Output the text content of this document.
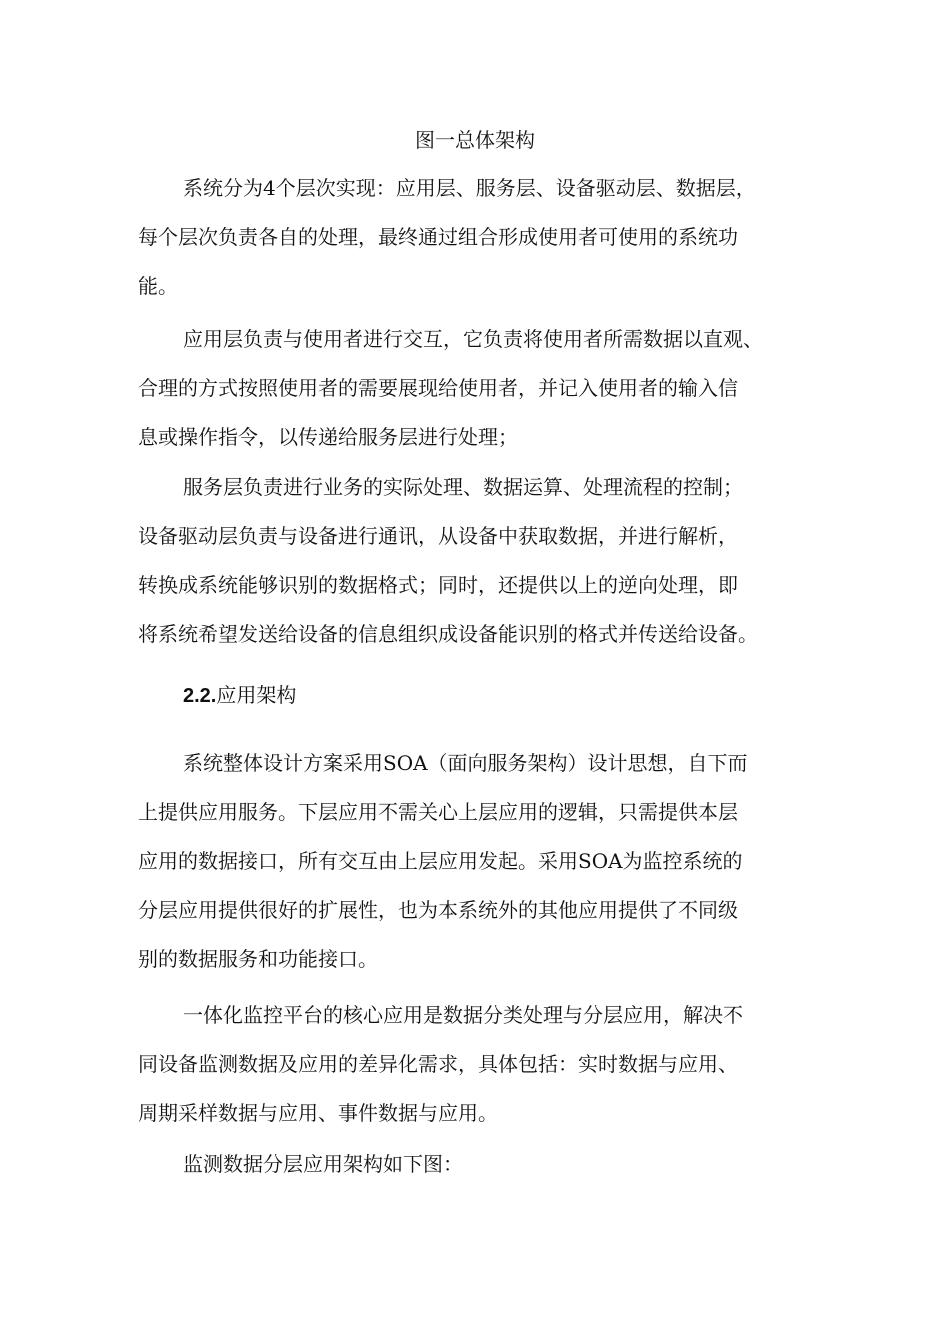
图一总体架构
系统分为4个层次实现：应用层、服务层、设备驱动层、数据层，
每个层次负责各自的处理，最终通过组合形成使用者可使用的系统功
能。
应用层负责与使用者进行交互，它负责将使用者所需数据以直观、
合理的方式按照使用者的需要展现给使用者，并记入使用者的输入信
息或操作指令，以传递给服务层进行处理；
服务层负责进行业务的实际处理、数据运算、处理流程的控制；
设备驱动层负责与设备进行通讯，从设备中获取数据，并进行解析，
转换成系统能够识别的数据格式；同时，还提供以上的逆向处理，即
将系统希望发送给设备的信息组织成设备能识别的格式并传送给设备。
2.2.应用架构
系统整体设计方案采用SOA（面向服务架构）设计思想，自下而
上提供应用服务。下层应用不需关心上层应用的逻辑，只需提供本层
应用的数据接口，所有交互由上层应用发起。采用SOA为监控系统的
分层应用提供很好的扩展性，也为本系统外的其他应用提供了不同级
别的数据服务和功能接口。
一体化监控平台的核心应用是数据分类处理与分层应用，解决不
同设备监测数据及应用的差异化需求，具体包括：实时数据与应用、
周期采样数据与应用、事件数据与应用。
监测数据分层应用架构如下图：
